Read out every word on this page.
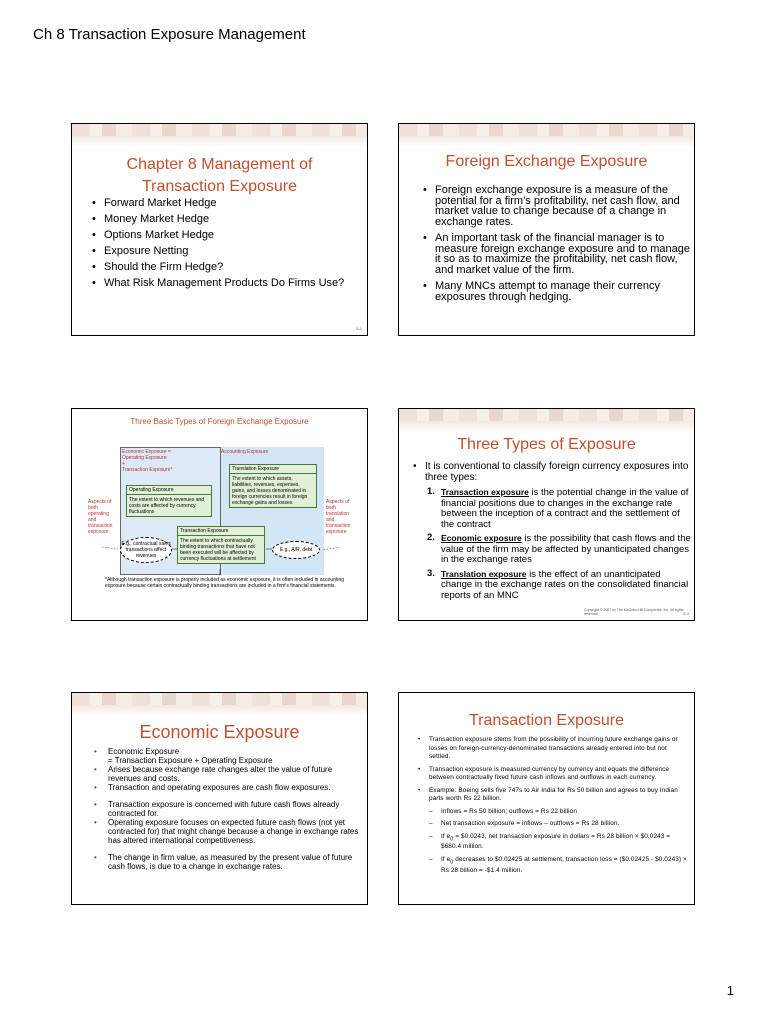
Ch 8 Transaction Exposure Management
Chapter 8 Management of
Transaction Exposure
• Forward Market Hedge
• Money Market Hedge
• Options Market Hedge
• Exposure Netting
• Should the Firm Hedge?
• What Risk Management Products Do Firms Use?
8-1
Foreign Exchange Exposure
• Foreign exchange exposure is a measure of the potential for a firm’s profitability, net cash flow, and market value to change because of a change in exchange rates.
• An important task of the financial manager is to measure foreign exchange exposure and to manage it so as to maximize the profitability, net cash flow, and market value of the firm.
• Many MNCs attempt to manage their currency exposures through hedging.
Three Basic Types of Foreign Exchange Exposure
Economic Exposure =
Operating Exposure
+
Transaction Exposure*
Accounting Exposure
Operating Exposure
The extent to which revenues and costs are affected by currency fluctuations
Translation Exposure
The extent to which assets, liabilities, revenues, expenses, gains, and losses denominated in foreign currencies result in foreign exchange gains and losses
Transaction Exposure
The extent to which contractually binding transactions that have not been executed will be affected by currency fluctuations at settlement
Aspects of both operating and transaction exposure
Aspects of both translation and transaction exposure
E.g., contractual sales transactions affect revenues
E.g., A/R, debt
*Although transaction exposure is properly included as economic exposure, it is often included in accounting exposure because certain contractually binding transactions are included in a firm's financial statements.
Three Types of Exposure
• It is conventional to classify foreign currency exposures into three types:
1. Transaction exposure is the potential change in the value of financial positions due to changes in the exchange rate between the inception of a contract and the settlement of the contract
2. Economic exposure is the possibility that cash flows and the value of the firm may be affected by unanticipated changes in the exchange rates
3. Translation exposure is the effect of an unanticipated change in the exchange rates on the consolidated financial reports of an MNC
Copyright © 2007 by The McGraw-Hill Companies, Inc. All rights reserved.	8-4
Economic Exposure
• Economic Exposure
= Transaction Exposure + Operating Exposure
• Arises because exchange rate changes alter the value of future revenues and costs.
• Transaction and operating exposures are cash flow exposures.
• Transaction exposure is concerned with future cash flows already contracted for.
• Operating exposure focuses on expected future cash flows (not yet contracted for) that might change because a change in exchange rates has altered international competitiveness.
• The change in firm value, as measured by the present value of future cash flows, is due to a change in exchange rates.
Transaction Exposure
• Transaction exposure stems from the possibility of incurring future exchange gains or losses on foreign-currency-denominated transactions already entered into but not settled.
• Transaction exposure is measured currency by currency and equals the difference between contractually fixed future cash inflows and outflows in each currency.
• Example: Boeing sells five 747s to Air India for Rs 50 billion and agrees to buy Indian parts worth Rs 22 billion.
– Inflows = Rs 50 billion; outflows = Rs 22 billion
– Net transaction exposure = inflows – outflows = Rs 28 billion.
– If $e_0$ = $0.0243, net transaction exposure in dollars = Rs 28 billion × $0.0243 = $680.4 million.
– If $e_0$ decreases to $0.02425 at settlement, transaction loss = ($0.02425 - $0.0243) × Rs 28 billion = -$1.4 million.
1
